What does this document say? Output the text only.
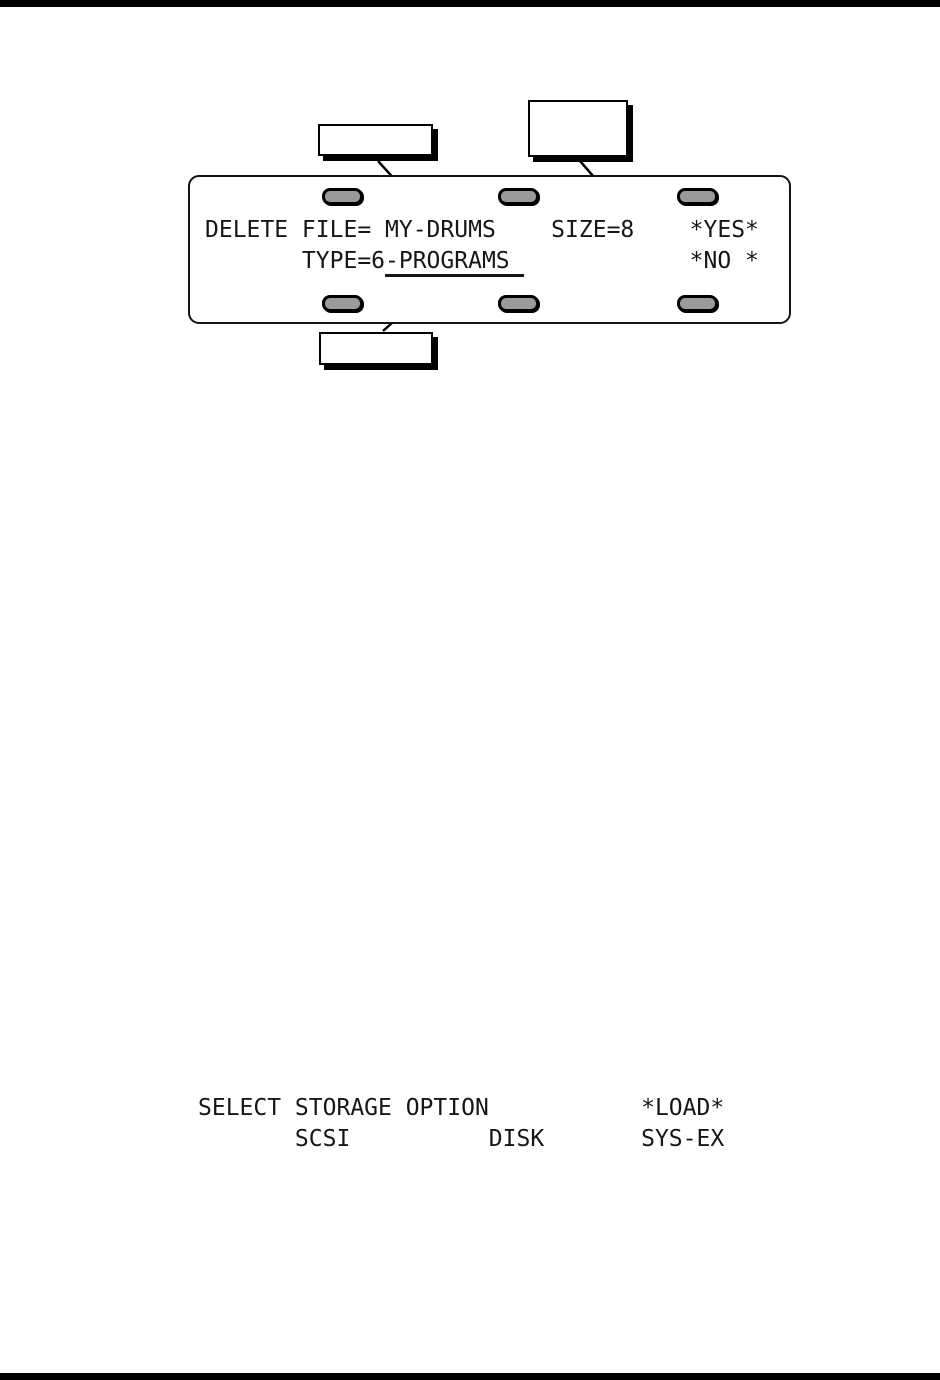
DELETE FILE= MY-DRUMS    SIZE=8    *YES*
TYPE=6-PROGRAMS             *NO *
SELECT STORAGE OPTION           *LOAD*
SCSI          DISK       SYS-EX
